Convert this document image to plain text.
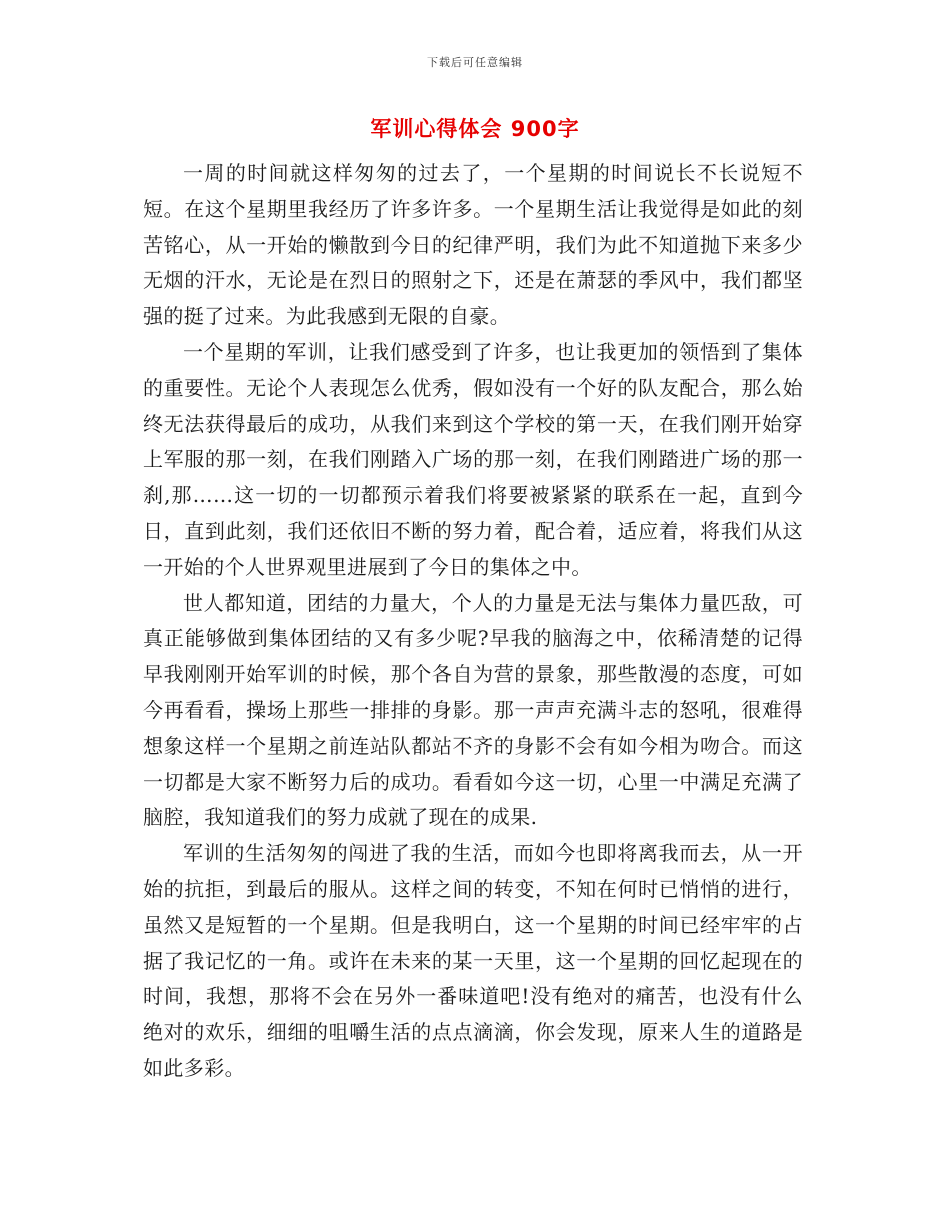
下载后可任意编辑
军训心得体会 900字

一周的时间就这样匆匆的过去了，一个星期的时间说长不长说短不短。在这个星期里我经历了许多许多。一个星期生活让我觉得是如此的刻苦铭心，从一开始的懒散到今日的纪律严明，我们为此不知道抛下来多少无烟的汗水，无论是在烈日的照射之下，还是在萧瑟的季风中，我们都坚强的挺了过来。为此我感到无限的自豪。

一个星期的军训，让我们感受到了许多，也让我更加的领悟到了集体的重要性。无论个人表现怎么优秀，假如没有一个好的队友配合，那么始终无法获得最后的成功，从我们来到这个学校的第一天，在我们刚开始穿上军服的那一刻，在我们刚踏入广场的那一刻，在我们刚踏进广场的那一刹,那……这一切的一切都预示着我们将要被紧紧的联系在一起，直到今日，直到此刻，我们还依旧不断的努力着，配合着，适应着，将我们从这一开始的个人世界观里进展到了今日的集体之中。

世人都知道，团结的力量大，个人的力量是无法与集体力量匹敌，可真正能够做到集体团结的又有多少呢?早我的脑海之中，依稀清楚的记得早我刚刚开始军训的时候，那个各自为营的景象，那些散漫的态度，可如今再看看，操场上那些一排排的身影。那一声声充满斗志的怒吼，很难得想象这样一个星期之前连站队都站不齐的身影不会有如今相为吻合。而这一切都是大家不断努力后的成功。看看如今这一切，心里一中满足充满了脑腔，我知道我们的努力成就了现在的成果.

军训的生活匆匆的闯进了我的生活，而如今也即将离我而去，从一开始的抗拒，到最后的服从。这样之间的转变，不知在何时已悄悄的进行，虽然又是短暂的一个星期。但是我明白，这一个星期的时间已经牢牢的占据了我记忆的一角。或许在未来的某一天里，这一个星期的回忆起现在的时间，我想，那将不会在另外一番味道吧!没有绝对的痛苦，也没有什么绝对的欢乐，细细的咀嚼生活的点点滴滴，你会发现，原来人生的道路是如此多彩。
